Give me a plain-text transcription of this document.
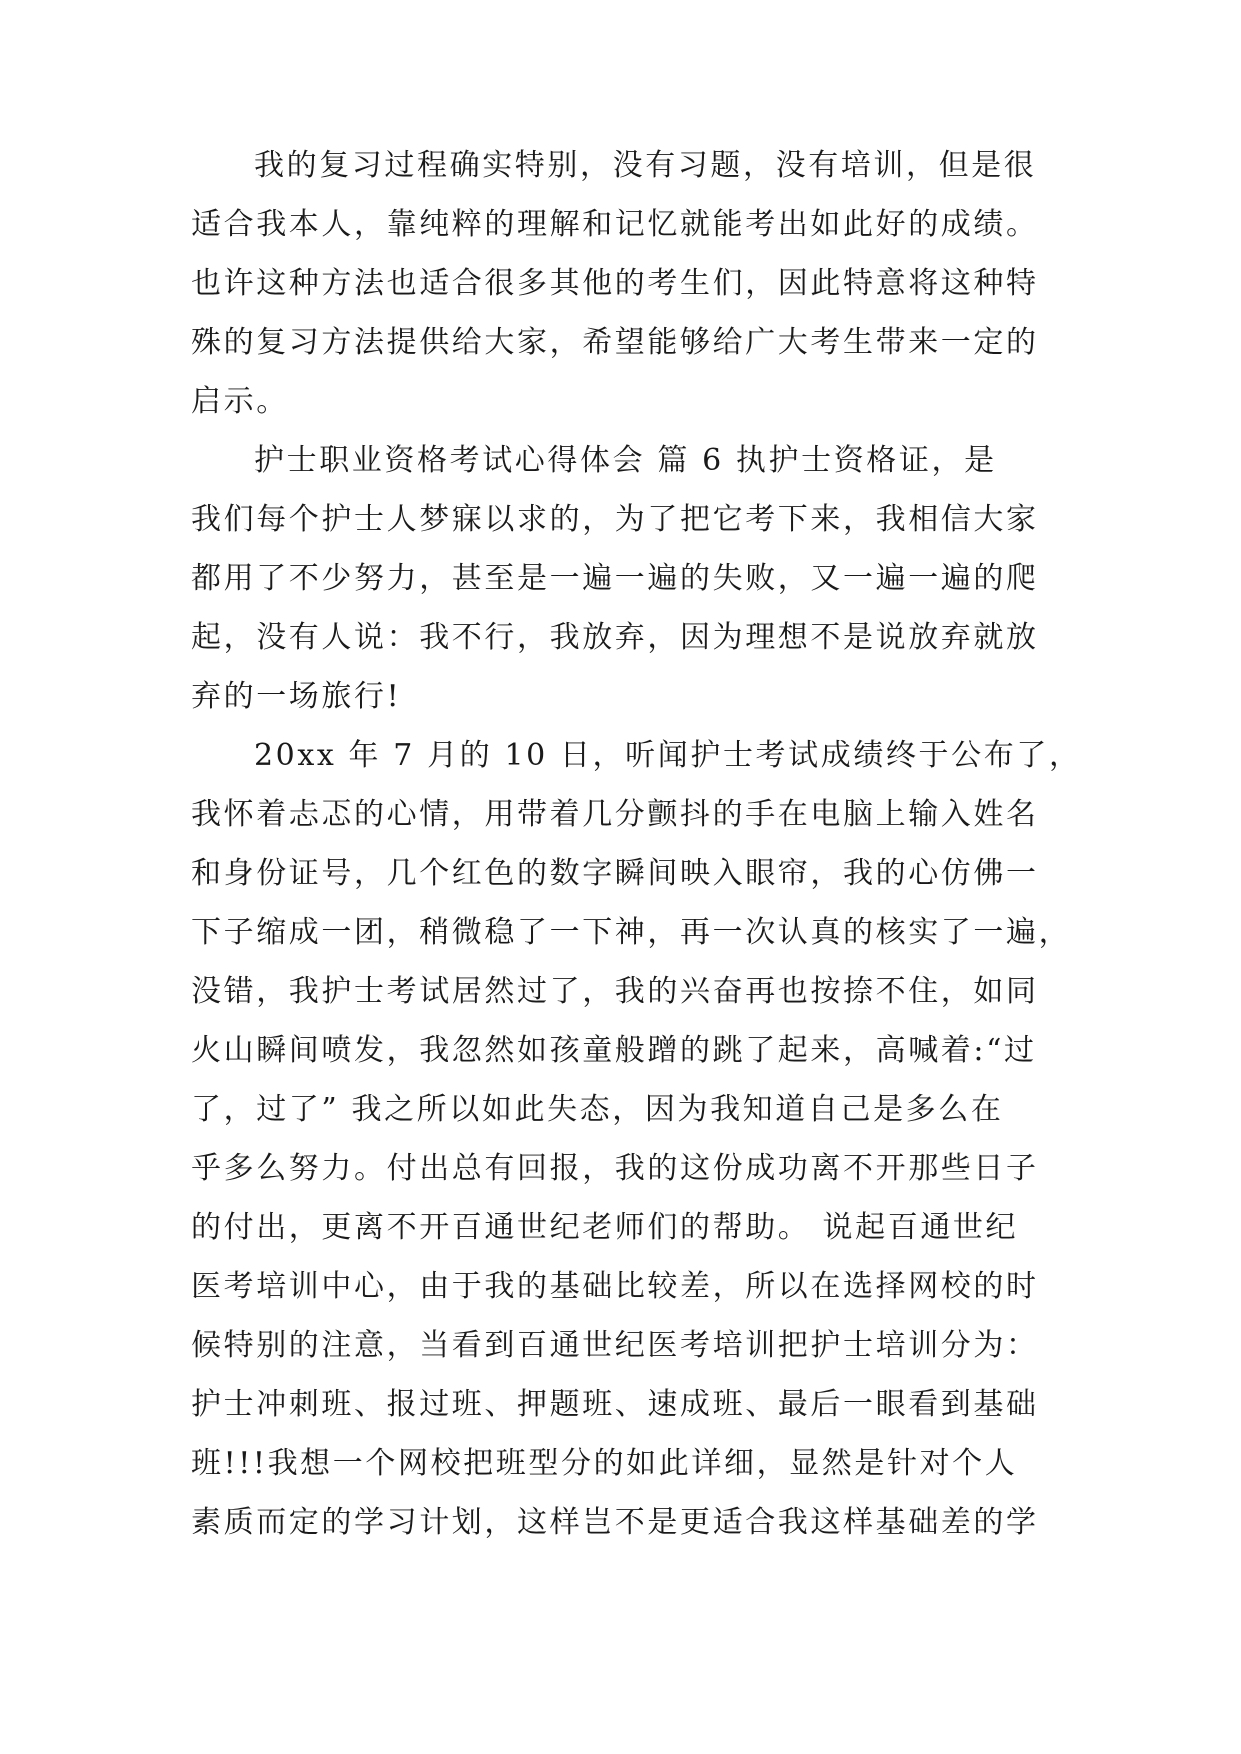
我的复习过程确实特别，没有习题，没有培训，但是很

适合我本人，靠纯粹的理解和记忆就能考出如此好的成绩。

也许这种方法也适合很多其他的考生们，因此特意将这种特

殊的复习方法提供给大家，希望能够给广大考生带来一定的

启示。

护士职业资格考试心得体会 篇 6 执护士资格证，是

我们每个护士人梦寐以求的，为了把它考下来，我相信大家

都用了不少努力，甚至是一遍一遍的失败，又一遍一遍的爬

起，没有人说：我不行，我放弃，因为理想不是说放弃就放

弃的一场旅行!

20xx 年 7 月的 10 日，听闻护士考试成绩终于公布了，

我怀着忐忑的心情，用带着几分颤抖的手在电脑上输入姓名

和身份证号，几个红色的数字瞬间映入眼帘，我的心仿佛一

下子缩成一团，稍微稳了一下神，再一次认真的核实了一遍，

没错，我护士考试居然过了，我的兴奋再也按捺不住，如同

火山瞬间喷发，我忽然如孩童般蹭的跳了起来，高喊着:“过

了，过了” 我之所以如此失态，因为我知道自己是多么在

乎多么努力。付出总有回报，我的这份成功离不开那些日子

的付出，更离不开百通世纪老师们的帮助。 说起百通世纪

医考培训中心，由于我的基础比较差，所以在选择网校的时

候特别的注意，当看到百通世纪医考培训把护士培训分为：

护士冲刺班、报过班、押题班、速成班、最后一眼看到基础

班!!!我想一个网校把班型分的如此详细，显然是针对个人

素质而定的学习计划，这样岂不是更适合我这样基础差的学
